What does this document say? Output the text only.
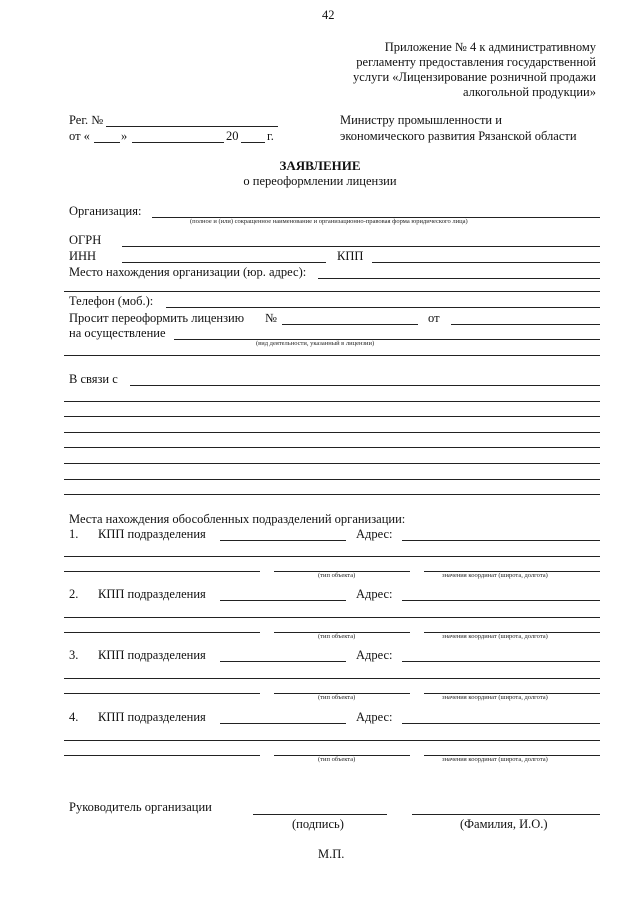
42
Приложение № 4 к административному
регламенту предоставления государственной
услуги «Лицензирование розничной продажи
алкогольной продукции»
Рег. №
от « »	20 г.
Министру промышленности и
экономического развития Рязанской области
ЗАЯВЛЕНИЕ
о переоформлении лицензии
Организация:
(полное и (или) сокращенное наименование и организационно-правовая форма юридического лица)
ОГРН
ИНН	КПП
Место нахождения организации (юр. адрес):
Телефон (моб.):
Просит переоформить лицензию №	от
на осуществление
(вид деятельности, указанный в лицензии)
В связи с
Места нахождения обособленных подразделений организации:
1. КПП подразделения	Адрес:
(тип объекта)	значения координат (широта, долгота)
2. КПП подразделения	Адрес:
(тип объекта)	значения координат (широта, долгота)
3. КПП подразделения	Адрес:
(тип объекта)	значения координат (широта, долгота)
4. КПП подразделения	Адрес:
(тип объекта)	значения координат (широта, долгота)
Руководитель организации
(подпись)	(Фамилия, И.О.)
М.П.
